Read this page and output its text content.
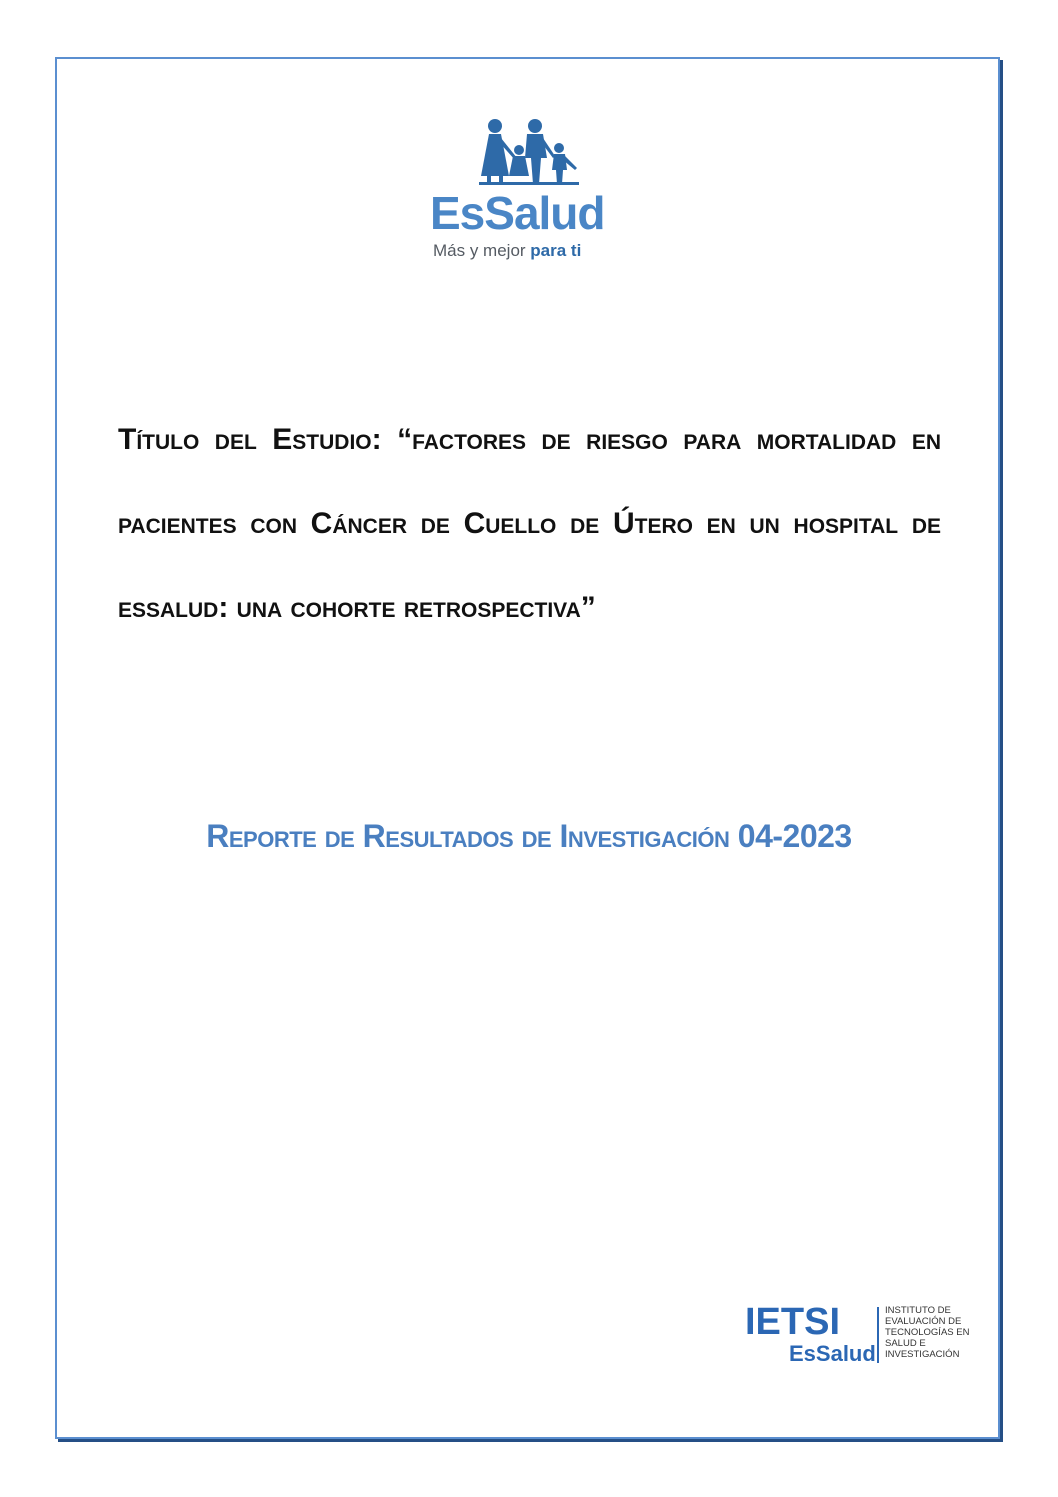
EsSalud
Más y mejor para ti

Título del Estudio: “factores de riesgo para mortalidad en pacientes con Cáncer de Cuello de Útero en un hospital de essalud: una cohorte retrospectiva”

Reporte de Resultados de Investigación 04-2023

IETSI
EsSalud
INSTITUTO DE EVALUACIÓN DE TECNOLOGÍAS EN SALUD E INVESTIGACIÓN
